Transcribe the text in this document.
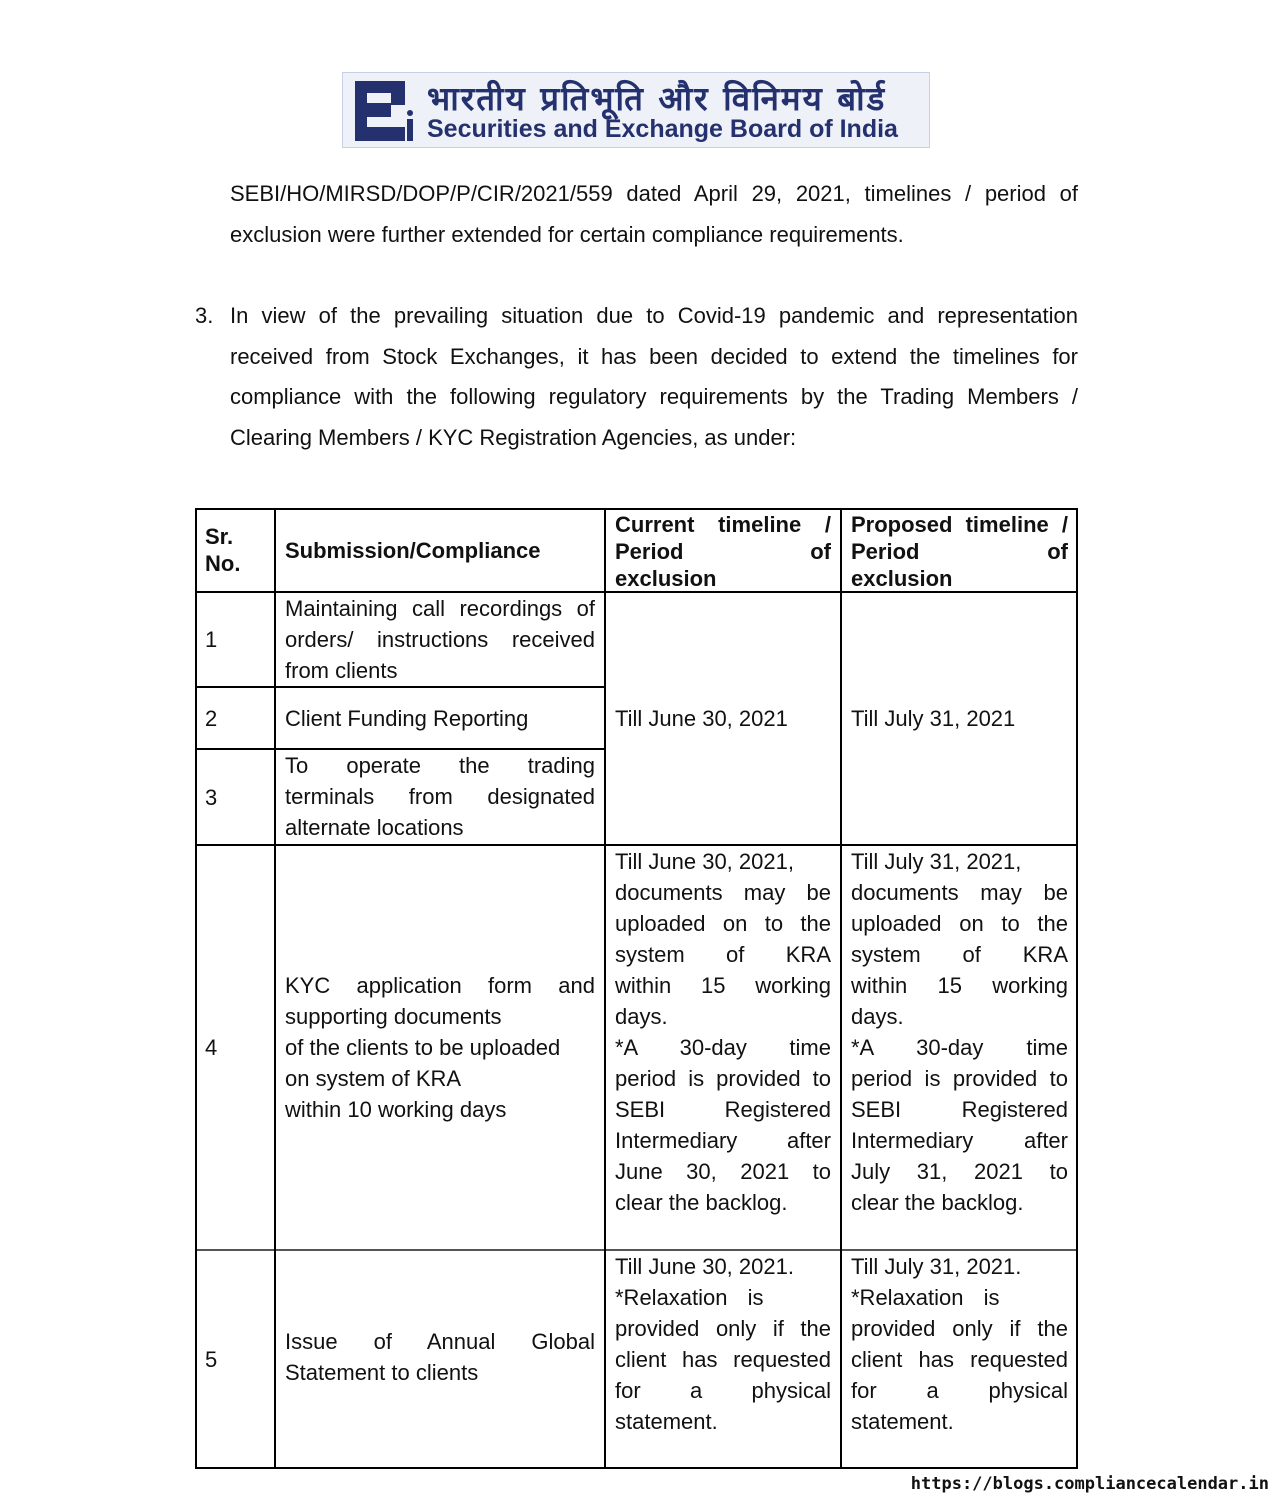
भारतीय प्रतिभूति और विनिमय बोर्ड
Securities and Exchange Board of India
SEBI/HO/MIRSD/DOP/P/CIR/2021/559 dated April 29, 2021, timelines / period of
exclusion were further extended for certain compliance requirements.
3. In view of the prevailing situation due to Covid-19 pandemic and representation
received from Stock Exchanges, it has been decided to extend the timelines for
compliance with the following regulatory requirements by the Trading Members /
Clearing Members / KYC Registration Agencies, as under:
Sr.
No.
Submission/Compliance
Current timeline /
Period of
exclusion
Proposed timeline /
Period of
exclusion
1
Maintaining call recordings of
orders/ instructions received
from clients
2	Client Funding Reporting
3
To operate the trading
terminals from designated
alternate locations
Till June 30, 2021	Till July 31, 2021
4
KYC application form and
supporting documents
of the clients to be uploaded
on system of KRA
within 10 working days
Till June 30, 2021,
documents may be
uploaded on to the
system of KRA
within 15 working
days.
*A 30-day time
period is provided to
SEBI Registered
Intermediary after
June 30, 2021 to
clear the backlog.
Till July 31, 2021,
documents may be
uploaded on to the
system of KRA
within 15 working
days.
*A 30-day time
period is provided to
SEBI Registered
Intermediary after
July 31, 2021 to
clear the backlog.
5
Issue of Annual Global
Statement to clients
Till June 30, 2021.
*Relaxation is
provided only if the
client has requested
for a physical
statement.
Till July 31, 2021.
*Relaxation is
provided only if the
client has requested
for a physical
statement.
https://blogs.compliancecalendar.in
